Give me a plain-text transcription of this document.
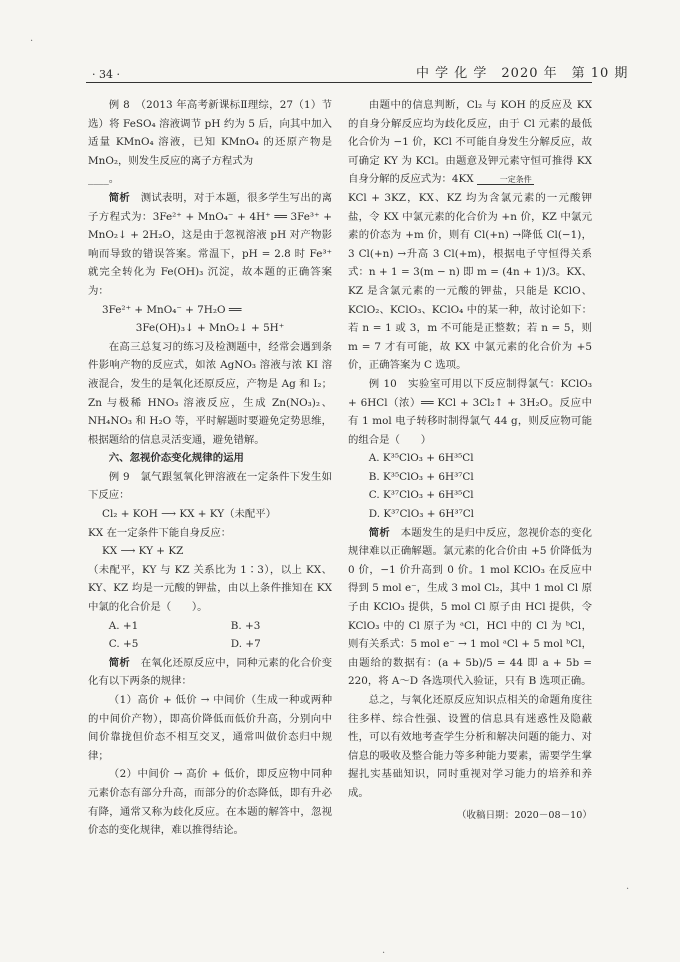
· 34 ·	中 学 化 学　2020 年　第 10 期
·
·
·

例 8　（2013 年高考新课标Ⅱ理综，27（1）节选）将 FeSO₄ 溶液调节 pH 约为 5 后，向其中加入适量 KMnO₄ 溶液，已知 KMnO₄ 的还原产物是 MnO₂，则发生反应的离子方程式为

____。

简析　测试表明，对于本题，很多学生写出的离子方程式为：3Fe²⁺ + MnO₄⁻ + 4H⁺ ══ 3Fe³⁺ + MnO₂↓ + 2H₂O，这是由于忽视溶液 pH 对产物影响而导致的错误答案。常温下，pH = 2.8 时 Fe³⁺ 就完全转化为 Fe(OH)₃ 沉淀，故本题的正确答案为：

3Fe²⁺ + MnO₄⁻ + 7H₂O ══

3Fe(OH)₃↓ + MnO₂↓ + 5H⁺

在高三总复习的练习及检测题中，经常会遇到条件影响产物的反应式，如浓 AgNO₃ 溶液与浓 KI 溶液混合，发生的是氧化还原反应，产物是 Ag 和 I₂；Zn 与极稀 HNO₃ 溶液反应，生成 Zn(NO₃)₂、NH₄NO₃ 和 H₂O 等，平时解题时要避免定势思维，根据题给的信息灵活变通，避免错解。

六、忽视价态变化规律的运用

例 9　氯气跟氢氧化钾溶液在一定条件下发生如下反应：

Cl₂ + KOH ⟶ KX + KY（未配平）

KX 在一定条件下能自身反应：

KX ⟶ KY + KZ

（未配平，KY 与 KZ 关系比为 1∶3），以上 KX、KY、KZ 均是一元酸的钾盐，由以上条件推知在 KX 中氯的化合价是（　　）。

A. +1	B. +3
C. +5	D. +7

简析　在氧化还原反应中，同种元素的化合价变化有以下两条的规律：

（1）高价 + 低价 → 中间价（生成一种或两种的中间价产物），即高价降低而低价升高，分别向中间价靠拢但价态不相互交叉，通常叫做价态归中规律；

（2）中间价 → 高价 + 低价，即反应物中同种元素价态有部分升高，而部分的价态降低，即有升必有降，通常又称为歧化反应。在本题的解答中，忽视价态的变化规律，难以推得结论。

由题中的信息判断，Cl₂ 与 KOH 的反应及 KX 的自身分解反应均为歧化反应，由于 Cl 元素的最低化合价为 −1 价，KCl 不可能自身发生分解反应，故可确定 KY 为 KCl。由题意及钾元素守恒可推得 KX 自身分解的反应式为：4KX	一定条件

KCl + 3KZ，KX、KZ 均为含氯元素的一元酸钾盐，令 KX 中氯元素的化合价为 +n 价，KZ 中氯元素的价态为 +m 价，则有 Cl(+n) →降低 Cl(−1)，3 Cl(+n) →升高 3 Cl(+m)，根据电子守恒得关系式：n + 1 = 3(m − n) 即 m = (4n + 1)/3。KX、KZ 是含氯元素的一元酸的钾盐，只能是 KClO、KClO₂、KClO₃、KClO₄ 中的某一种，故讨论如下：若 n = 1 或 3，m 不可能是正整数；若 n = 5，则 m = 7 才有可能，故 KX 中氯元素的化合价为 +5 价，正确答案为 C 选项。

例 10　实验室可用以下反应制得氯气：KClO₃ + 6HCl（浓）══ KCl + 3Cl₂↑ + 3H₂O。反应中有 1 mol 电子转移时制得氯气 44 g，则反应物可能的组合是（　　）

A. K³⁵ClO₃ + 6H³⁵Cl

B. K³⁵ClO₃ + 6H³⁷Cl

C. K³⁷ClO₃ + 6H³⁵Cl

D. K³⁷ClO₃ + 6H³⁷Cl

简析　本题发生的是归中反应，忽视价态的变化规律难以正确解题。氯元素的化合价由 +5 价降低为 0 价，−1 价升高到 0 价。1 mol KClO₃ 在反应中得到 5 mol e⁻，生成 3 mol Cl₂，其中 1 mol Cl 原子由 KClO₃ 提供，5 mol Cl 原子由 HCl 提供，令 KClO₃ 中的 Cl 原子为 ᵃCl，HCl 中的 Cl 为 ᵇCl，则有关系式：5 mol e⁻ → 1 mol ᵃCl + 5 mol ᵇCl，由题给的数据有：(a + 5b)/5 = 44 即 a + 5b = 220，将 A～D 各选项代入验证，只有 B 选项正确。

总之，与氧化还原反应知识点相关的命题角度往往多样、综合性强、设置的信息具有迷惑性及隐蔽性，可以有效地考查学生分析和解决问题的能力、对信息的吸收及整合能力等多种能力要素，需要学生掌握扎实基础知识，同时重视对学习能力的培养和养成。

（收稿日期：2020－08－10）
